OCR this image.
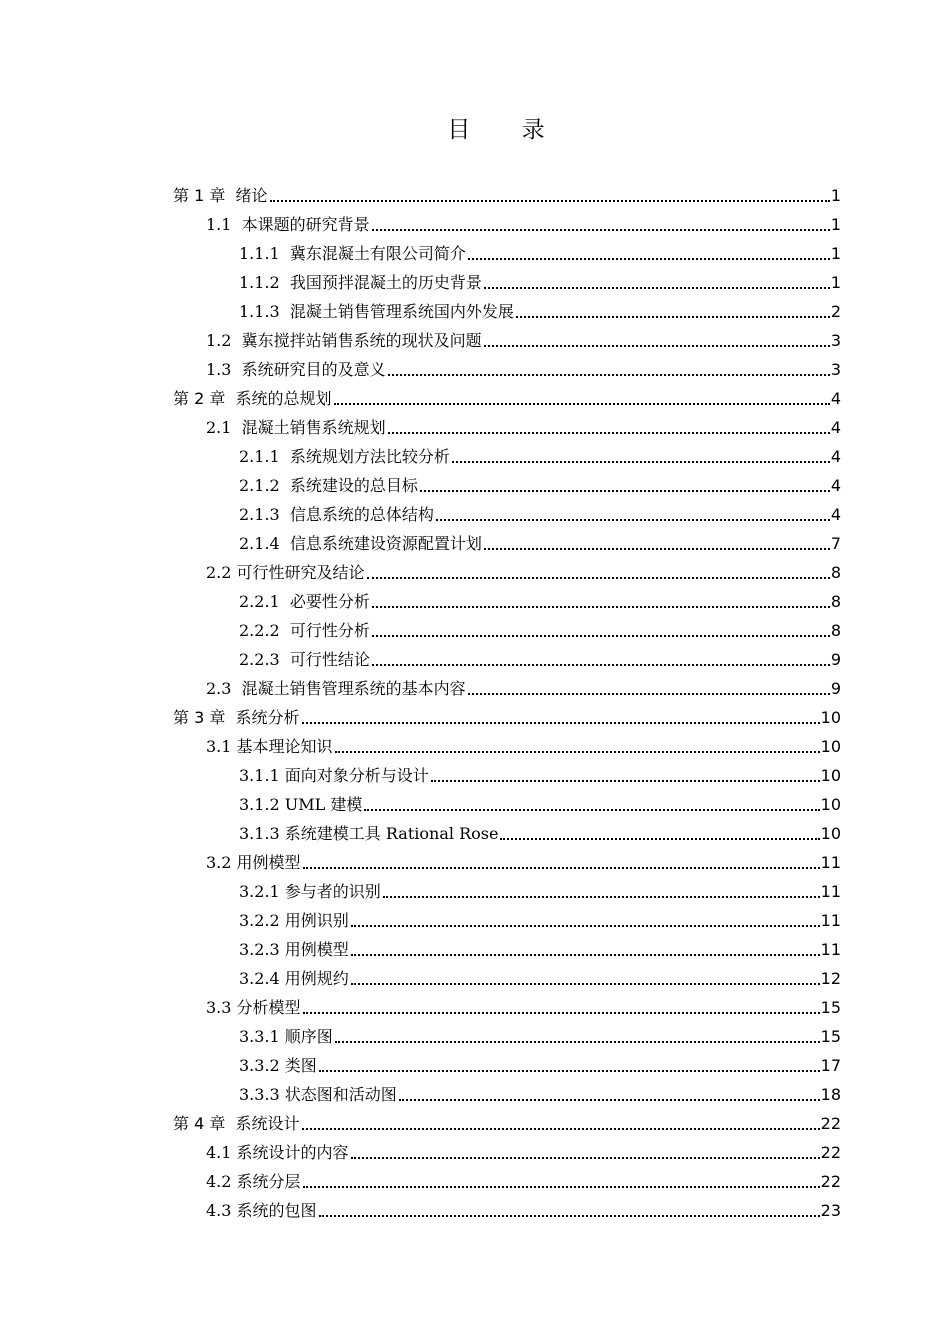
目 录
第 1 章  绪论	1
1.1  本课题的研究背景	1
1.1.1  冀东混凝土有限公司简介	1
1.1.2  我国预拌混凝土的历史背景	1
1.1.3  混凝土销售管理系统国内外发展	2
1.2  冀东搅拌站销售系统的现状及问题	3
1.3  系统研究目的及意义	3
第 2 章  系统的总规划	4
2.1  混凝土销售系统规划	4
2.1.1  系统规划方法比较分析	4
2.1.2  系统建设的总目标	4
2.1.3  信息系统的总体结构	4
2.1.4  信息系统建设资源配置计划	7
2.2 可行性研究及结论	8
2.2.1  必要性分析	8
2.2.2  可行性分析	8
2.2.3  可行性结论	9
2.3  混凝土销售管理系统的基本内容	9
第 3 章  系统分析	10
3.1 基本理论知识	10
3.1.1 面向对象分析与设计	10
3.1.2 UML 建模	10
3.1.3 系统建模工具 Rational Rose	10
3.2 用例模型	11
3.2.1 参与者的识别	11
3.2.2 用例识别	11
3.2.3 用例模型	11
3.2.4 用例规约	12
3.3 分析模型	15
3.3.1 顺序图	15
3.3.2 类图	17
3.3.3 状态图和活动图	18
第 4 章  系统设计	22
4.1 系统设计的内容	22
4.2 系统分层	22
4.3 系统的包图	23
